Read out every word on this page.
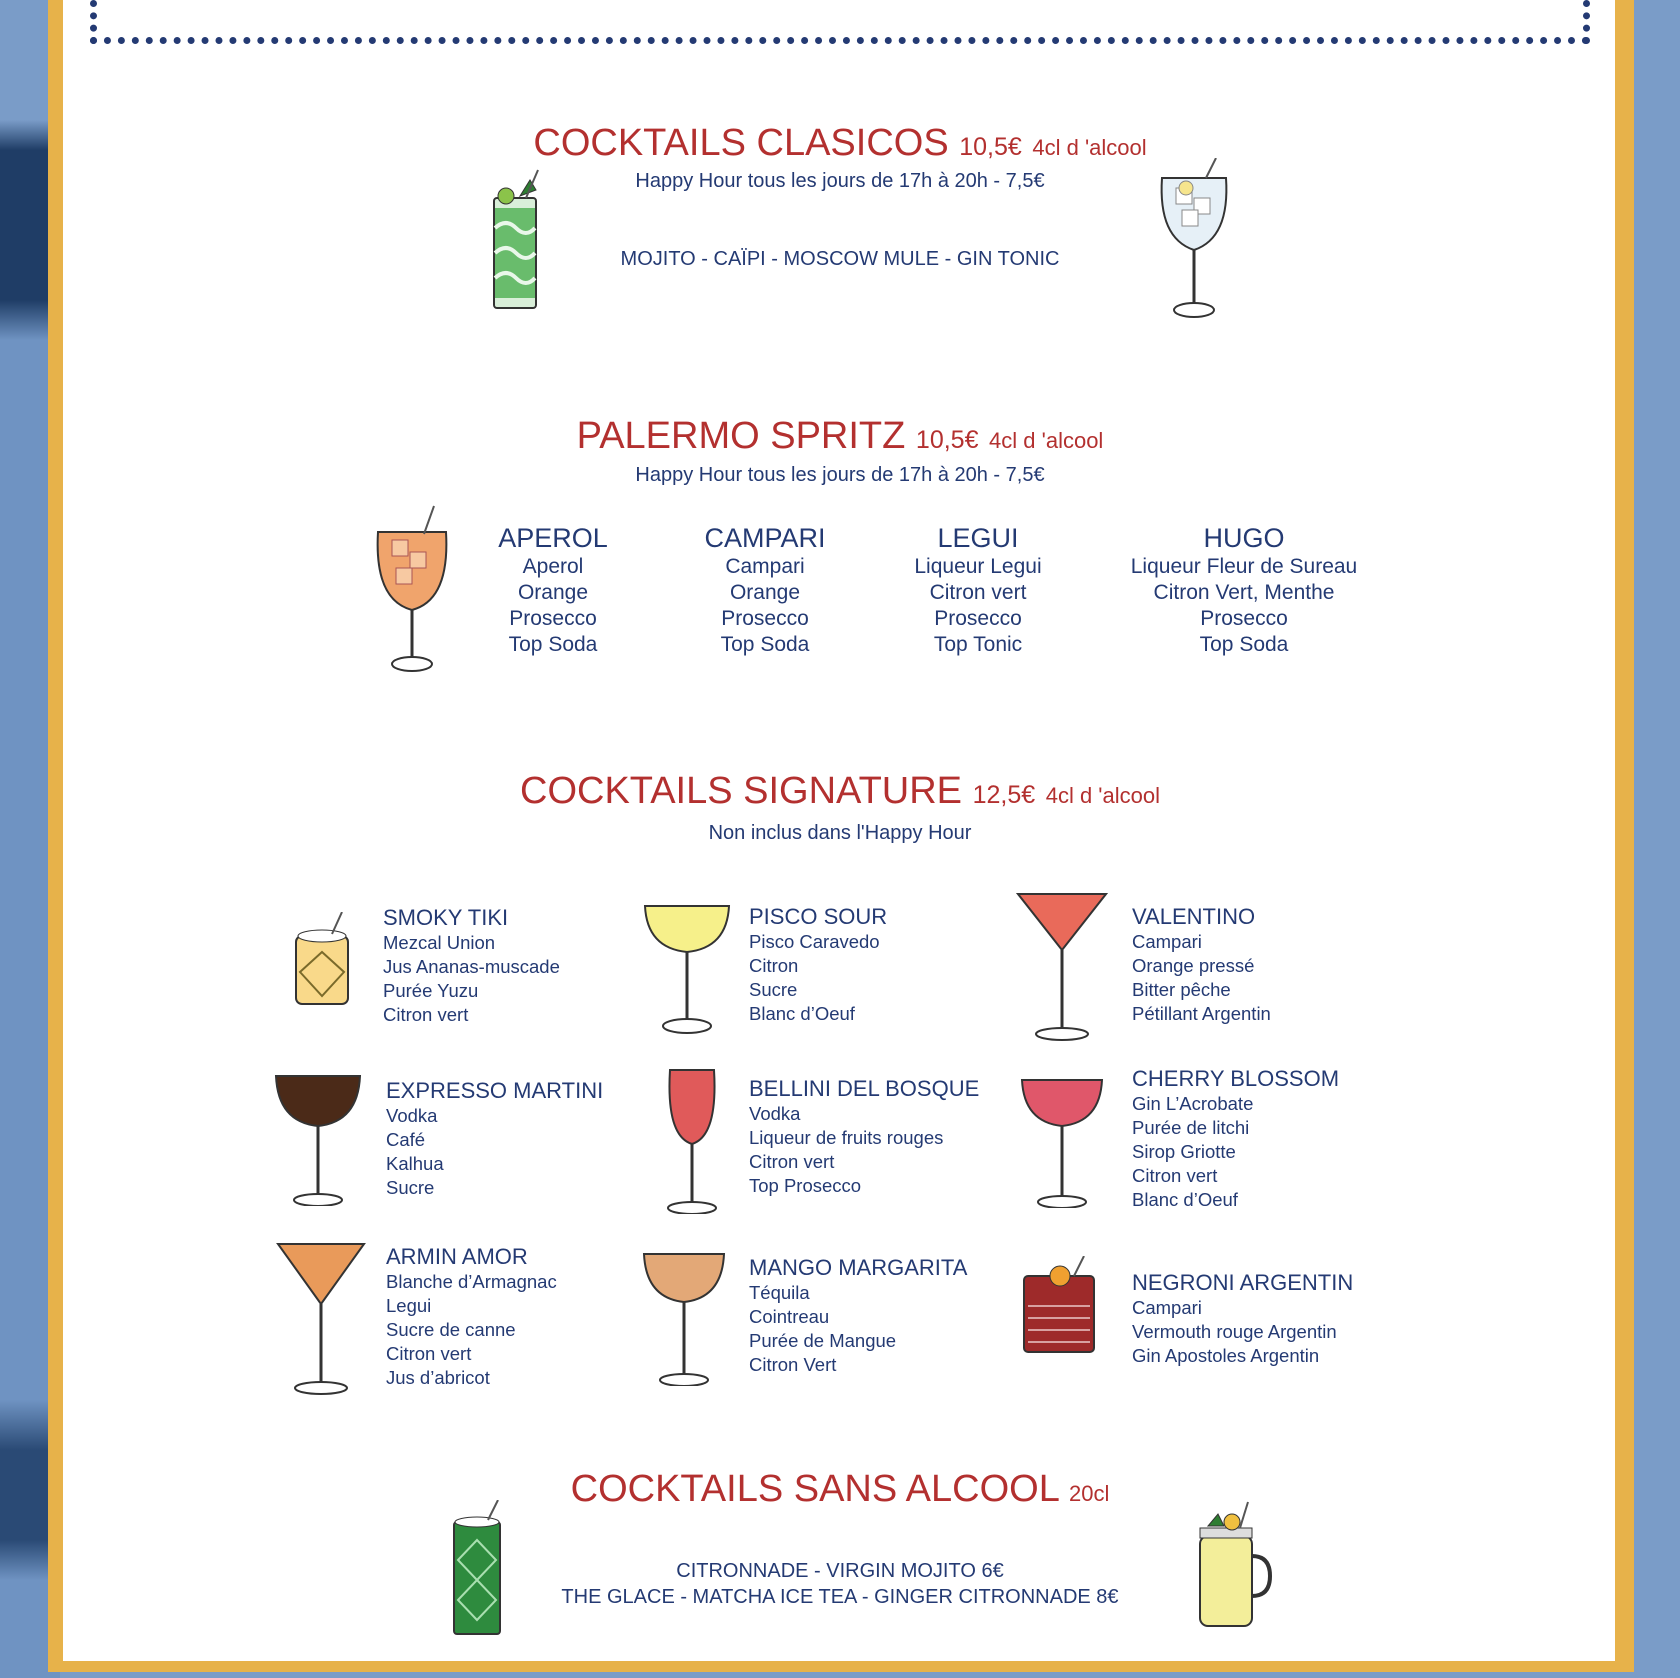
COCKTAILS CLASICOS 10,5€ 4cl d 'alcool
Happy Hour tous les jours de 17h à 20h - 7,5€
MOJITO - CAÏPI - MOSCOW MULE - GIN TONIC
PALERMO SPRITZ 10,5€ 4cl d 'alcool
Happy Hour tous les jours de 17h à 20h - 7,5€
APEROL
Aperol
Orange
Prosecco
Top Soda
CAMPARI
Campari
Orange
Prosecco
Top Soda
LEGUI
Liqueur Legui
Citron vert
Prosecco
Top Tonic
HUGO
Liqueur Fleur de Sureau
Citron Vert, Menthe
Prosecco
Top Soda
COCKTAILS SIGNATURE 12,5€ 4cl d 'alcool
Non inclus dans l'Happy Hour
SMOKY TIKI
Mezcal Union
Jus Ananas-muscade
Purée Yuzu
Citron vert
PISCO SOUR
Pisco Caravedo
Citron
Sucre
Blanc d’Oeuf
VALENTINO
Campari
Orange pressé
Bitter pêche
Pétillant Argentin
EXPRESSO MARTINI
Vodka
Café
Kalhua
Sucre
BELLINI DEL BOSQUE
Vodka
Liqueur de fruits rouges
Citron vert
Top Prosecco
CHERRY BLOSSOM
Gin L’Acrobate
Purée de litchi
Sirop Griotte
Citron vert
Blanc d’Oeuf
ARMIN AMOR
Blanche d’Armagnac
Legui
Sucre de canne
Citron vert
Jus d’abricot
MANGO MARGARITA
Téquila
Cointreau
Purée de Mangue
Citron Vert
NEGRONI ARGENTIN
Campari
Vermouth rouge Argentin
Gin Apostoles Argentin
COCKTAILS SANS ALCOOL 20cl
CITRONNADE - VIRGIN MOJITO 6€
THE GLACE - MATCHA ICE TEA - GINGER CITRONNADE 8€
